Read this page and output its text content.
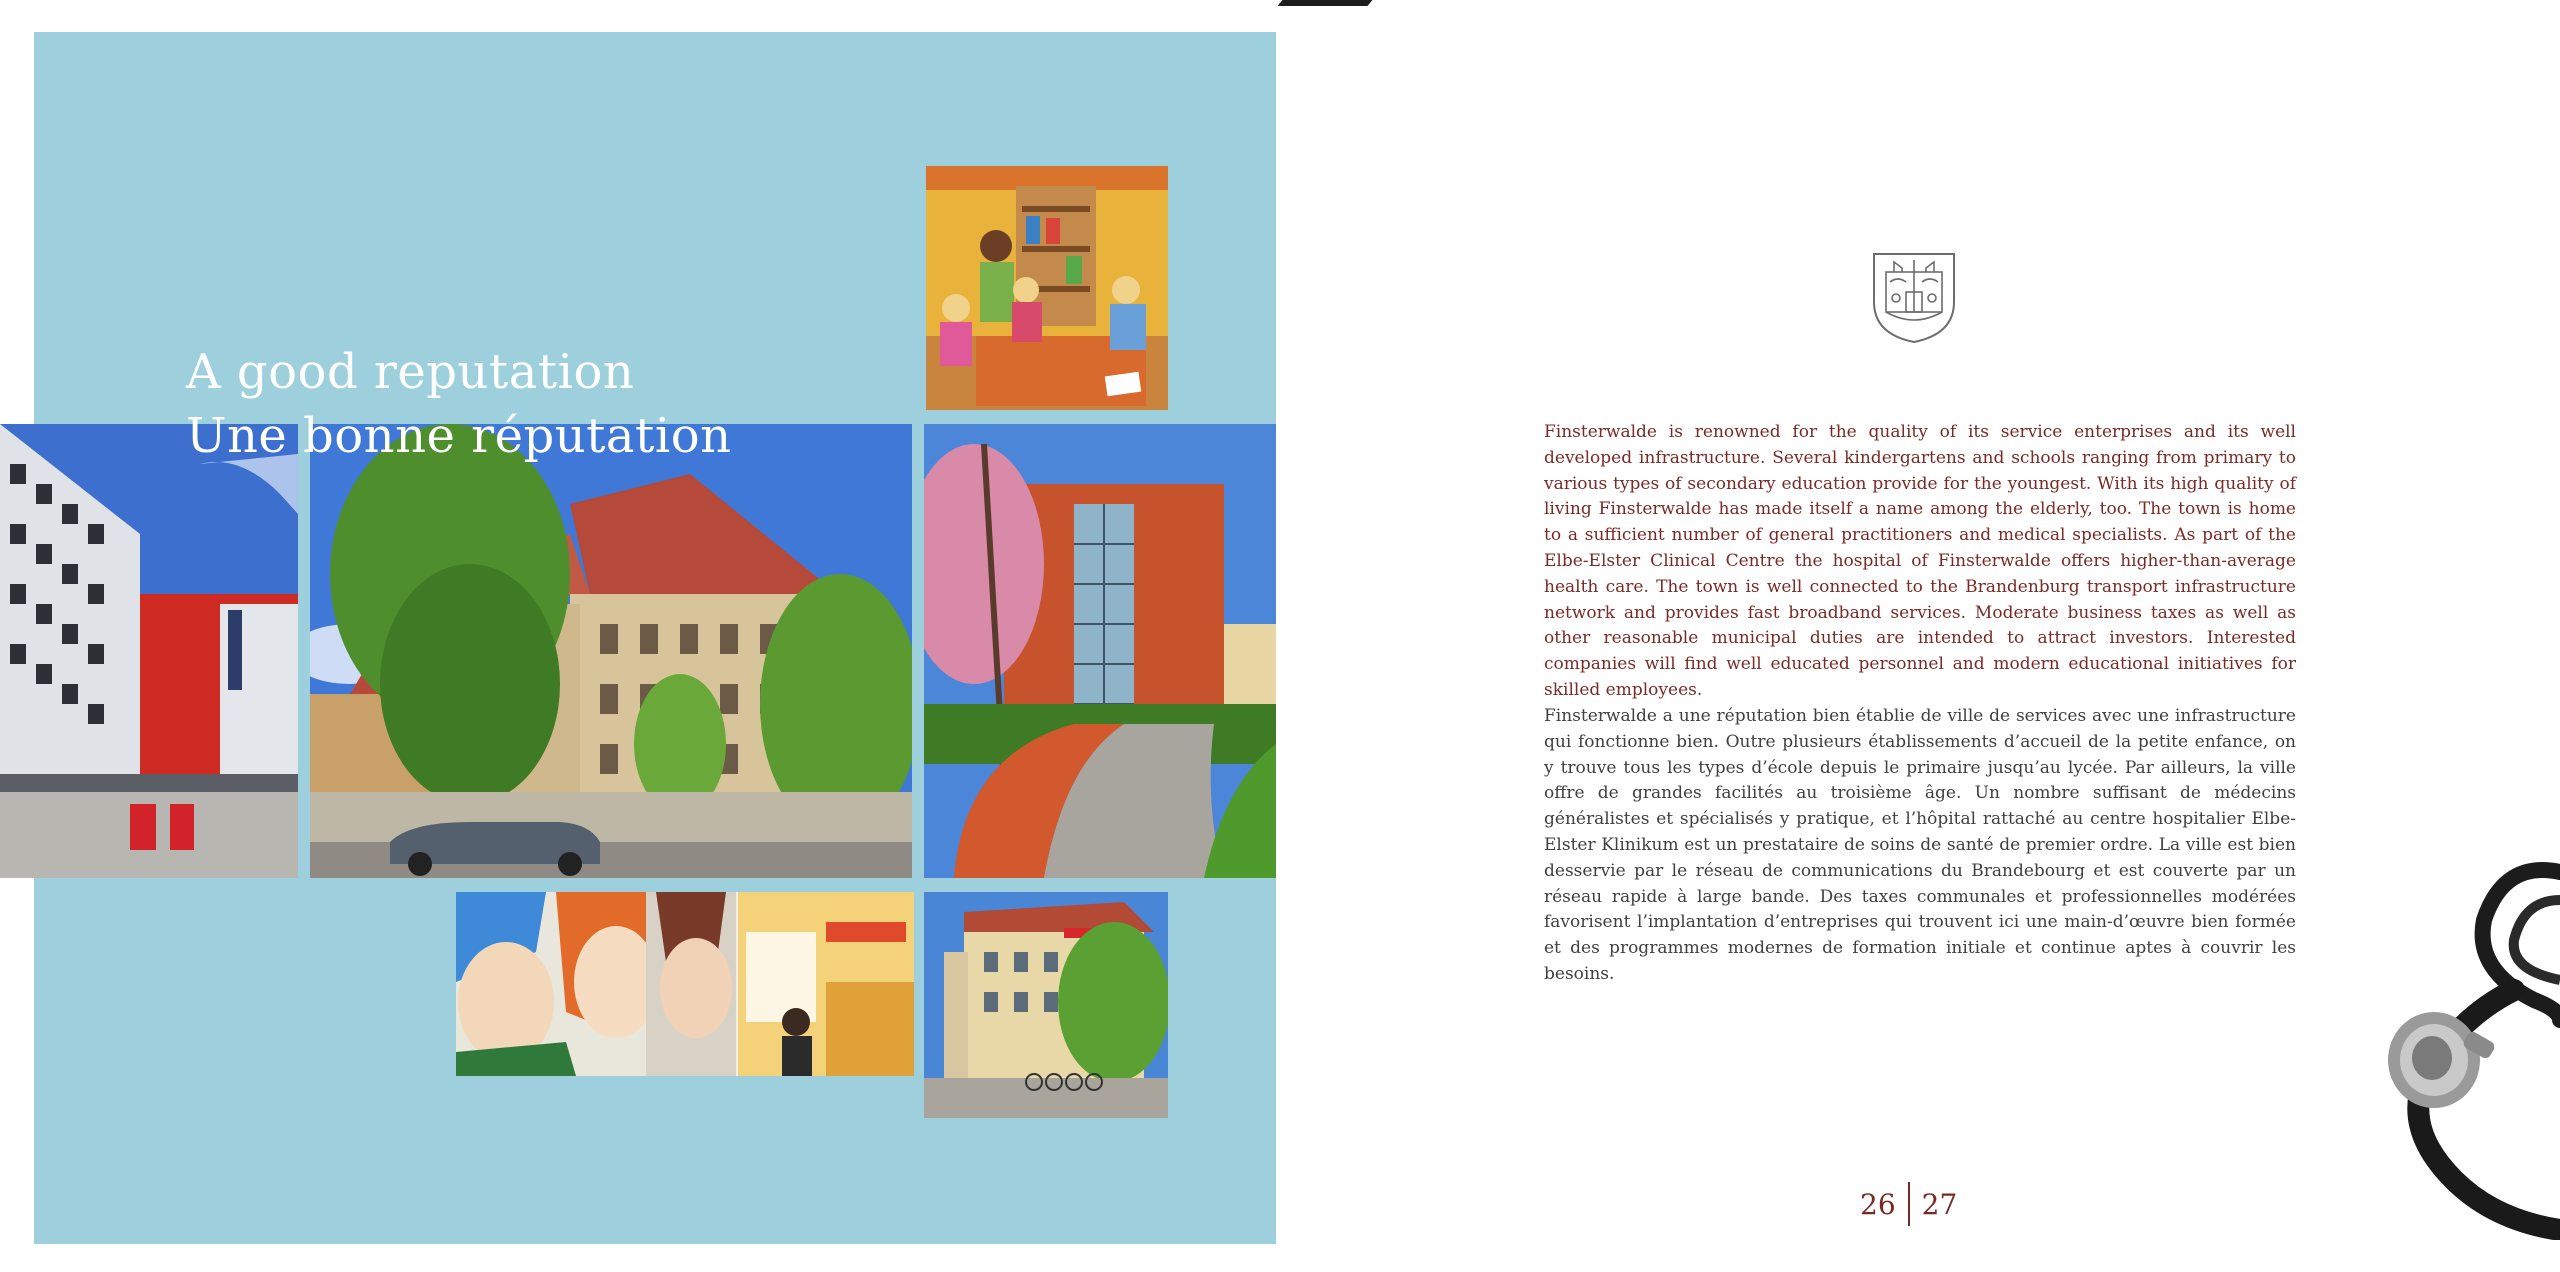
A good reputation
Une bonne réputation	Finsterwalde is renowned for the quality of its service enterprises and its well developed infrastructure. Several kindergartens and schools ranging from primary to various types of secondary education provide for the youngest. With its high quality of living Finsterwalde has made itself a name among the elderly, too. The town is home to a sufficient number of general practitioners and medical specialists. As part of the Elbe-Elster Clinical Centre the hospital of Finsterwalde offers higher-than-average health care. The town is well connected to the Brandenburg transport infrastructure network and provides fast broadband services. Moderate business taxes as well as other reasonable municipal duties are intended to attract investors. Interested companies will find well educated personnel and modern educational initiatives for skilled employees.

Finsterwalde a une réputation bien établie de ville de services avec une infrastructure qui fonctionne bien. Outre plusieurs établissements d’accueil de la petite enfance, on y trouve tous les types d’école depuis le primaire jusqu’au lycée. Par ailleurs, la ville offre de grandes facilités au troisième âge. Un nombre suffisant de médecins généralistes et spécialisés y pratique, et l’hôpital rattaché au centre hospitalier Elbe-Elster Klinikum est un prestataire de soins de santé de premier ordre. La ville est bien desservie par le réseau de communications du Brandebourg et est couverte par un réseau rapide à large bande. Des taxes communales et professionnelles modérées favorisent l’implantation d’entreprises qui trouvent ici une main-d’œuvre bien formée et des programmes modernes de formation initiale et continue aptes à couvrir les besoins.

26 27
